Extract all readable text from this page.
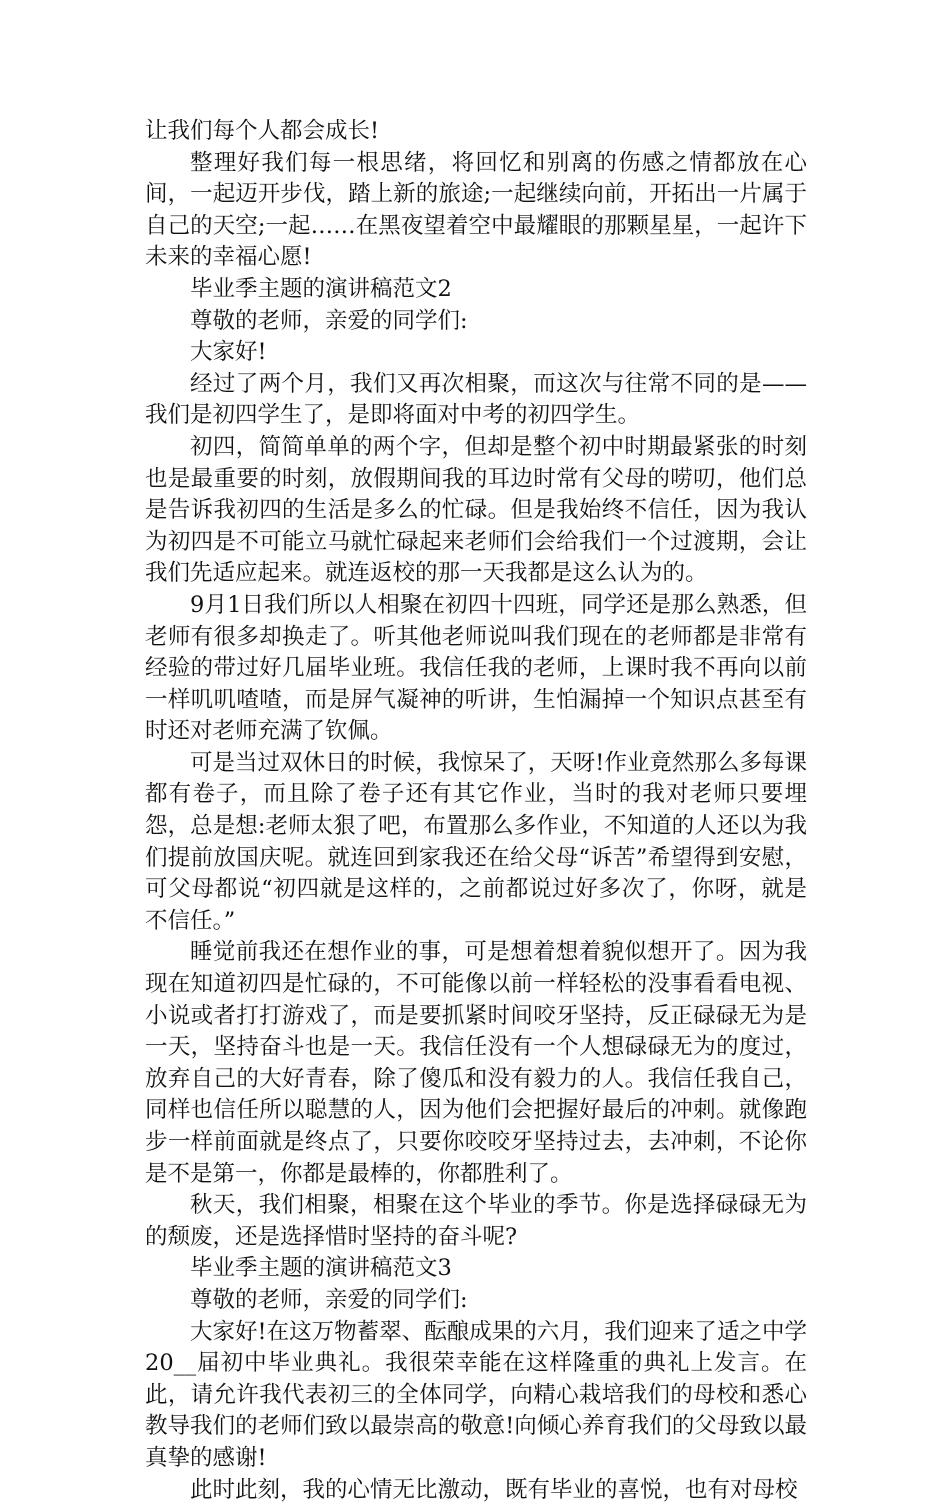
让我们每个人都会成长!

整理好我们每一根思绪，将回忆和别离的伤感之情都放在心间，一起迈开步伐，踏上新的旅途;一起继续向前，开拓出一片属于自己的天空;一起……在黑夜望着空中最耀眼的那颗星星，一起许下未来的幸福心愿!

毕业季主题的演讲稿范文2

尊敬的老师，亲爱的同学们:

大家好!

经过了两个月，我们又再次相聚，而这次与往常不同的是——我们是初四学生了，是即将面对中考的初四学生。

初四，简简单单的两个字，但却是整个初中时期最紧张的时刻也是最重要的时刻，放假期间我的耳边时常有父母的唠叨，他们总是告诉我初四的生活是多么的忙碌。但是我始终不信任，因为我认为初四是不可能立马就忙碌起来老师们会给我们一个过渡期，会让我们先适应起来。就连返校的那一天我都是这么认为的。

9月1日我们所以人相聚在初四十四班，同学还是那么熟悉，但老师有很多却换走了。听其他老师说叫我们现在的老师都是非常有经验的带过好几届毕业班。我信任我的老师，上课时我不再向以前一样叽叽喳喳，而是屏气凝神的听讲，生怕漏掉一个知识点甚至有时还对老师充满了钦佩。

可是当过双休日的时候，我惊呆了，天呀!作业竟然那么多每课都有卷子，而且除了卷子还有其它作业，当时的我对老师只要埋怨，总是想:老师太狠了吧，布置那么多作业，不知道的人还以为我们提前放国庆呢。就连回到家我还在给父母“诉苦”希望得到安慰，可父母都说“初四就是这样的，之前都说过好多次了，你呀，就是不信任。”

睡觉前我还在想作业的事，可是想着想着貌似想开了。因为我现在知道初四是忙碌的，不可能像以前一样轻松的没事看看电视、小说或者打打游戏了，而是要抓紧时间咬牙坚持，反正碌碌无为是一天，坚持奋斗也是一天。我信任没有一个人想碌碌无为的度过，放弃自己的大好青春，除了傻瓜和没有毅力的人。我信任我自己，同样也信任所以聪慧的人，因为他们会把握好最后的冲刺。就像跑步一样前面就是终点了，只要你咬咬牙坚持过去，去冲刺，不论你是不是第一，你都是最棒的，你都胜利了。

秋天，我们相聚，相聚在这个毕业的季节。你是选择碌碌无为的颓废，还是选择惜时坚持的奋斗呢?

毕业季主题的演讲稿范文3

尊敬的老师，亲爱的同学们:

大家好!在这万物蓄翠、酝酿成果的六月，我们迎来了适之中学20__届初中毕业典礼。我很荣幸能在这样隆重的典礼上发言。在此，请允许我代表初三的全体同学，向精心栽培我们的母校和悉心教导我们的老师们致以最崇高的敬意!向倾心养育我们的父母致以最真挚的感谢!

此时此刻，我的心情无比激动，既有毕业的喜悦，也有对母校
